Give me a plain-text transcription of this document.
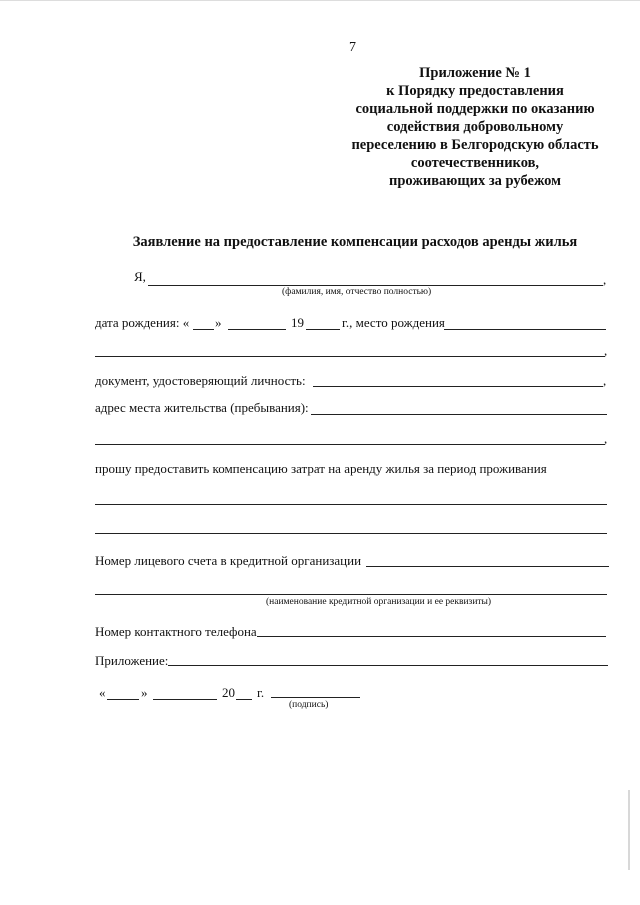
7
Приложение № 1
к Порядку предоставления
социальной поддержки по оказанию
содействия добровольному
переселению в Белгородскую область
соотечественников,
проживающих за рубежом
Заявление на предоставление компенсации расходов аренды жилья
Я,	,
(фамилия, имя, отчество полностью)
дата рождения: « »	19	г., место рождения
,
документ, удостоверяющий личность:	,
адрес места жительства (пребывания):
,
прошу предоставить компенсацию затрат на аренду жилья за период проживания
Номер лицевого счета в кредитной организации
(наименование кредитной организации и ее реквизиты)
Номер контактного телефона
Приложение:
«	»	20 г.
(подпись)
